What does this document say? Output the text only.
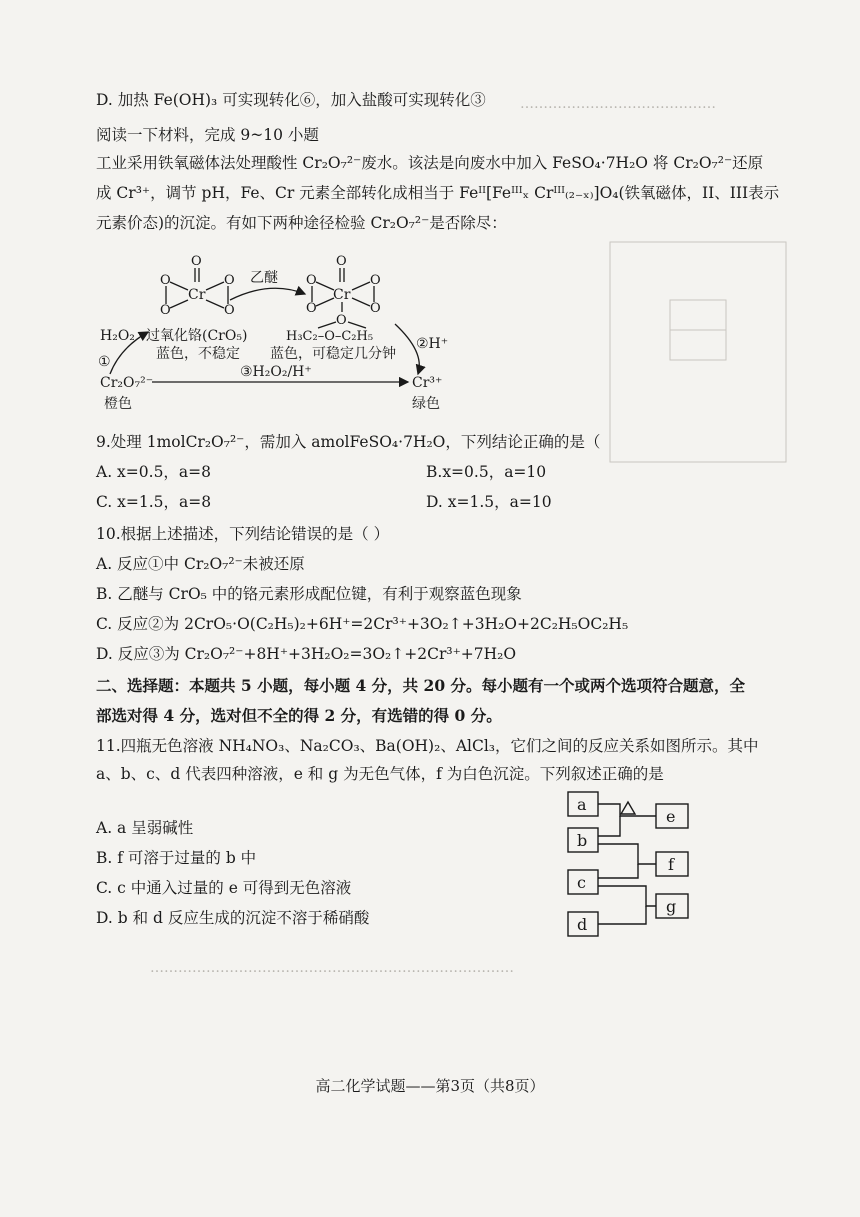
……………………………………
……………………………………………………………………
D. 加热 Fe(OH)₃ 可实现转化⑥，加入盐酸可实现转化③
阅读一下材料，完成 9~10 小题
工业采用铁氧磁体法处理酸性 Cr₂O₇²⁻废水。该法是向废水中加入 FeSO₄·7H₂O 将 Cr₂O₇²⁻还原
成 Cr³⁺，调节 pH，Fe、Cr 元素全部转化成相当于 Feᴵᴵ[Feᴵᴵᴵₓ Crᴵᴵᴵ₍₂₋ₓ₎]O₄(铁氧磁体，II、III表示
元素价态)的沉淀。有如下两种途径检验 Cr₂O₇²⁻是否除尽：
Cr
O
O	O
O	O
乙醚
Cr
O
O	O
O	O
O
H₃C₂–O–C₂H₅
H₂O₂ 过氧化铬(CrO₅)
蓝色，不稳定 蓝色，可稳定几分钟
①
②H⁺
③H₂O₂/H⁺
Cr₂O₇²⁻
橙色
Cr³⁺
绿色
9.处理 1molCr₂O₇²⁻，需加入 amolFeSO₄·7H₂O，下列结论正确的是（
A. x=0.5，a=8	B.x=0.5，a=10
C. x=1.5，a=8	D. x=1.5，a=10
10.根据上述描述，下列结论错误的是（ ）
A. 反应①中 Cr₂O₇²⁻未被还原
B. 乙醚与 CrO₅ 中的铬元素形成配位键，有利于观察蓝色现象
C. 反应②为 2CrO₅·O(C₂H₅)₂+6H⁺=2Cr³⁺+3O₂↑+3H₂O+2C₂H₅OC₂H₅
D. 反应③为 Cr₂O₇²⁻+8H⁺+3H₂O₂=3O₂↑+2Cr³⁺+7H₂O
二、选择题：本题共 5 小题，每小题 4 分，共 20 分。每小题有一个或两个选项符合题意，全
部选对得 4 分，选对但不全的得 2 分，有选错的得 0 分。
11.四瓶无色溶液 NH₄NO₃、Na₂CO₃、Ba(OH)₂、AlCl₃，它们之间的反应关系如图所示。其中
a、b、c、d 代表四种溶液，e 和 g 为无色气体，f 为白色沉淀。下列叙述正确的是
A. a 呈弱碱性
B. f 可溶于过量的 b 中
C. c 中通入过量的 e 可得到无色溶液
D. b 和 d 反应生成的沉淀不溶于稀硝酸
a
b
c
d
e
f
g
高二化学试题——第3页（共8页）
